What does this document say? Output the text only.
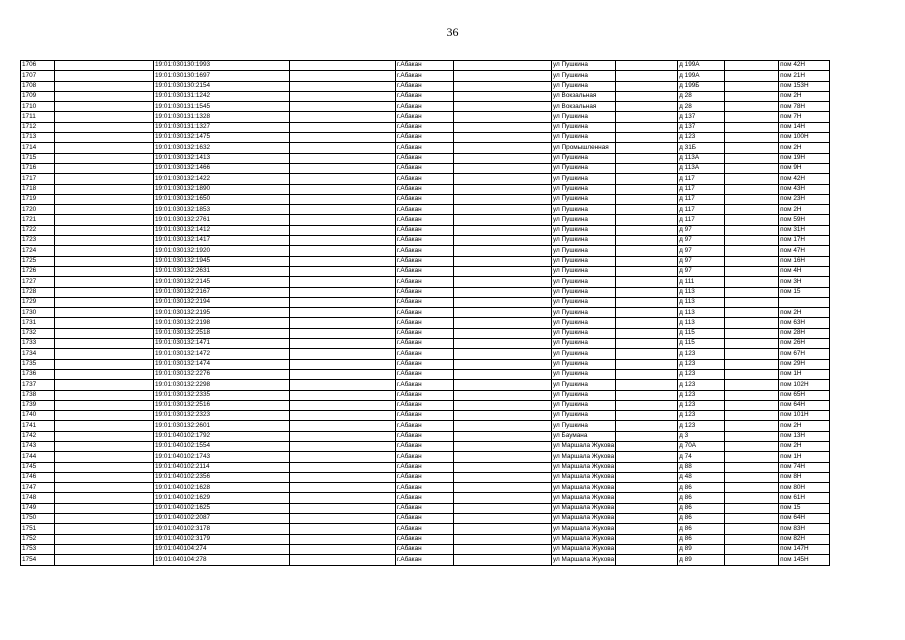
36
1706		19:01:030130:1993		г.Абакан		ул Пушкина		д 199А		пом 42Н
1707		19:01:030130:1697		г.Абакан		ул Пушкина		д 199А		пом 21Н
1708		19:01:030130:2154		г.Абакан		ул Пушкина		д 199Б		пом 153Н
1709		19:01:030131:1242		г.Абакан		ул Вокзальная		д 28		пом 2Н
1710		19:01:030131:1545		г.Абакан		ул Вокзальная		д 28		пом 78Н
1711		19:01:030131:1328		г.Абакан		ул Пушкина		д 137		пом 7Н
1712		19:01:030131:1327		г.Абакан		ул Пушкина		д 137		пом 14Н
1713		19:01:030132:1475		г.Абакан		ул Пушкина		д 123		пом 100Н
1714		19:01:030132:1632		г.Абакан		ул Промышленная		д 31Б		пом 2Н
1715		19:01:030132:1413		г.Абакан		ул Пушкина		д 113А		пом 19Н
1716		19:01:030132:1466		г.Абакан		ул Пушкина		д 113А		пом 9Н
1717		19:01:030132:1422		г.Абакан		ул Пушкина		д 117		пом 42Н
1718		19:01:030132:1890		г.Абакан		ул Пушкина		д 117		пом 43Н
1719		19:01:030132:1650		г.Абакан		ул Пушкина		д 117		пом 23Н
1720		19:01:030132:1853		г.Абакан		ул Пушкина		д 117		пом 2Н
1721		19:01:030132:2761		г.Абакан		ул Пушкина		д 117		пом 59Н
1722		19:01:030132:1412		г.Абакан		ул Пушкина		д 97		пом 31Н
1723		19:01:030132:1417		г.Абакан		ул Пушкина		д 97		пом 17Н
1724		19:01:030132:1920		г.Абакан		ул Пушкина		д 97		пом 47Н
1725		19:01:030132:1945		г.Абакан		ул Пушкина		д 97		пом 16Н
1726		19:01:030132:2631		г.Абакан		ул Пушкина		д 97		пом 4Н
1727		19:01:030132:2145		г.Абакан		ул Пушкина		д 111		пом 3Н
1728		19:01:030132:2167		г.Абакан		ул Пушкина		д 113		пом 15
1729		19:01:030132:2194		г.Абакан		ул Пушкина		д 113		
1730		19:01:030132:2195		г.Абакан		ул Пушкина		д 113		пом 2Н
1731		19:01:030132:2198		г.Абакан		ул Пушкина		д 113		пом 63Н
1732		19:01:030132:2518		г.Абакан		ул Пушкина		д 115		пом 28Н
1733		19:01:030132:1471		г.Абакан		ул Пушкина		д 115		пом 26Н
1734		19:01:030132:1472		г.Абакан		ул Пушкина		д 123		пом 67Н
1735		19:01:030132:1474		г.Абакан		ул Пушкина		д 123		пом 29Н
1736		19:01:030132:2276		г.Абакан		ул Пушкина		д 123		пом 1Н
1737		19:01:030132:2298		г.Абакан		ул Пушкина		д 123		пом 102Н
1738		19:01:030132:2335		г.Абакан		ул Пушкина		д 123		пом 65Н
1739		19:01:030132:2516		г.Абакан		ул Пушкина		д 123		пом 64Н
1740		19:01:030132:2323		г.Абакан		ул Пушкина		д 123		пом 101Н
1741		19:01:030132:2601		г.Абакан		ул Пушкина		д 123		пом 2Н
1742		19:01:040102:1792		г.Абакан		ул Баумана		д 3		пом 13Н
1743		19:01:040102:1554		г.Абакан		ул Маршала Жукова		д 70А		пом 2Н
1744		19:01:040102:1743		г.Абакан		ул Маршала Жукова		д 74		пом 1Н
1745		19:01:040102:2114		г.Абакан		ул Маршала Жукова		д 88		пом 74Н
1746		19:01:040102:2356		г.Абакан		ул Маршала Жукова		д 48		пом 8Н
1747		19:01:040102:1628		г.Абакан		ул Маршала Жукова		д 86		пом 80Н
1748		19:01:040102:1629		г.Абакан		ул Маршала Жукова		д 86		пом 61Н
1749		19:01:040102:1625		г.Абакан		ул Маршала Жукова		д 86		пом 15
1750		19:01:040102:2087		г.Абакан		ул Маршала Жукова		д 86		пом 64Н
1751		19:01:040102:3178		г.Абакан		ул Маршала Жукова		д 86		пом 83Н
1752		19:01:040102:3179		г.Абакан		ул Маршала Жукова		д 86		пом 82Н
1753		19:01:040104:274		г.Абакан		ул Маршала Жукова		д 89		пом 147Н
1754		19:01:040104:278		г.Абакан		ул Маршала Жукова		д 89		пом 145Н
